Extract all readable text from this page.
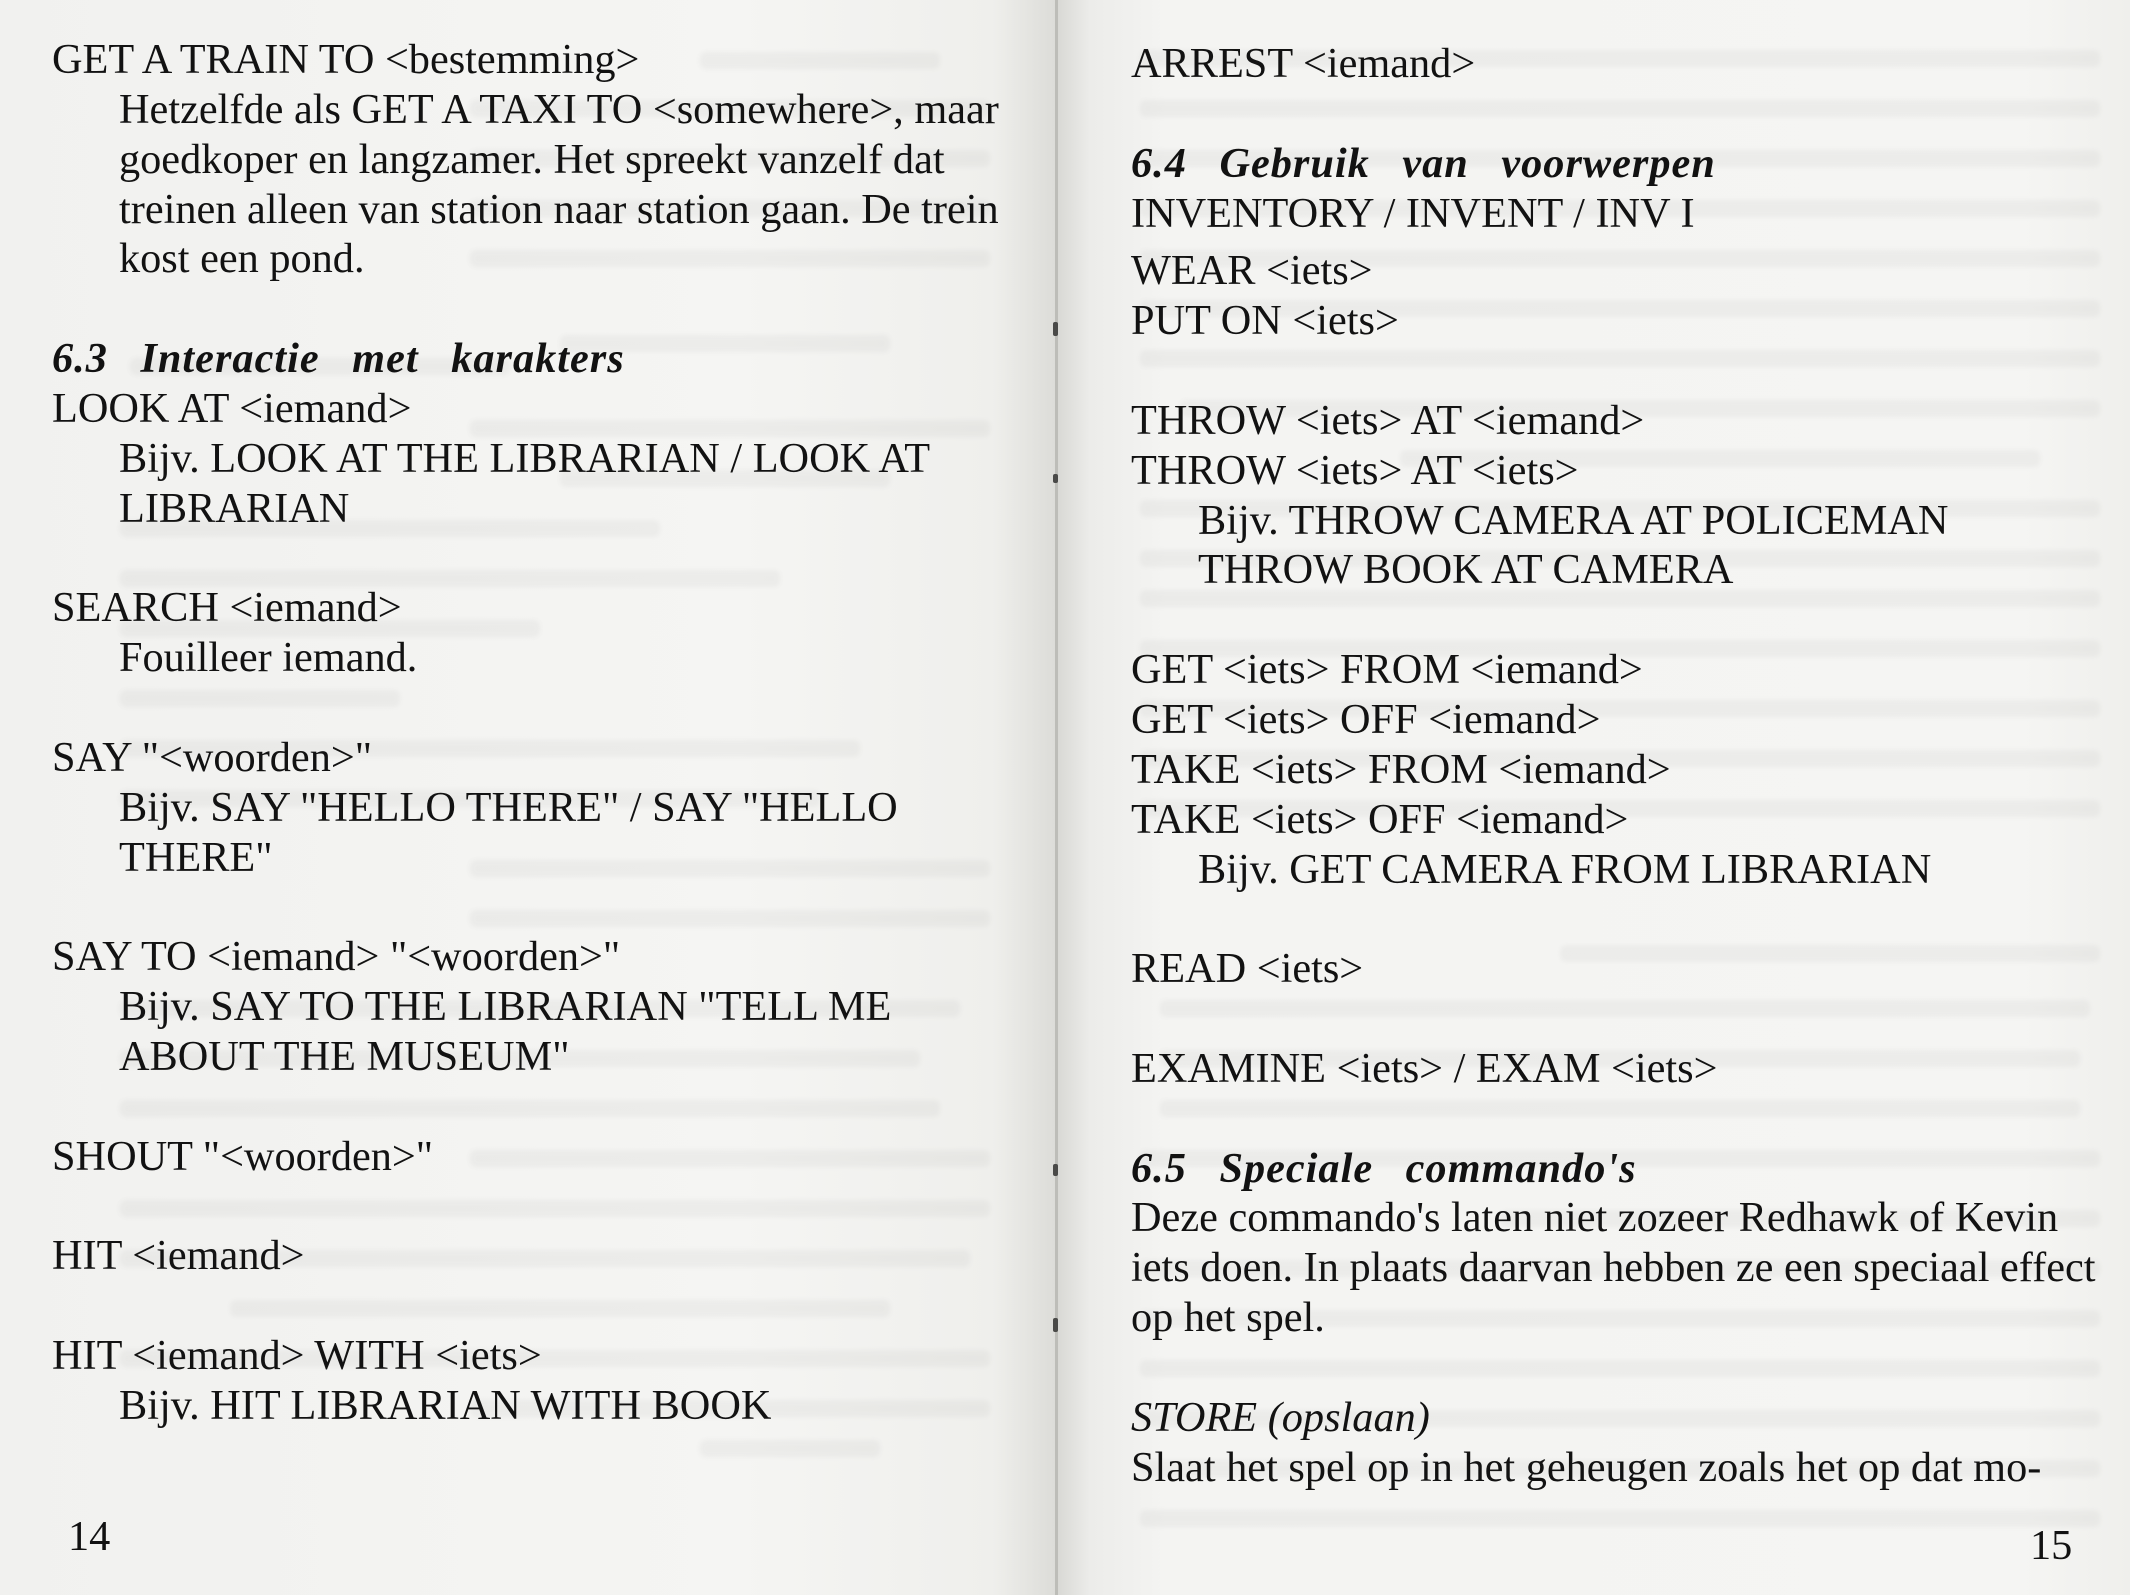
GET A TRAIN TO <bestemming>
Hetzelfde als GET A TAXI TO <somewhere>, maar
goedkoper en langzamer. Het spreekt vanzelf dat
treinen alleen van station naar station gaan. De trein
kost een pond.
6.3 Interactie met karakters
LOOK AT <iemand>
Bijv. LOOK AT THE LIBRARIAN / LOOK AT
LIBRARIAN
SEARCH <iemand>
Fouilleer iemand.
SAY "<woorden>"
Bijv. SAY "HELLO THERE" / SAY "HELLO
THERE"
SAY TO <iemand> "<woorden>"
Bijv. SAY TO THE LIBRARIAN "TELL ME
ABOUT THE MUSEUM"
SHOUT "<woorden>"
HIT <iemand>
HIT <iemand> WITH <iets>
Bijv. HIT LIBRARIAN WITH BOOK
14
ARREST <iemand>
6.4 Gebruik van voorwerpen
INVENTORY / INVENT / INV I
WEAR <iets>
PUT ON <iets>
THROW <iets> AT <iemand>
THROW <iets> AT <iets>
Bijv. THROW CAMERA AT POLICEMAN
THROW BOOK AT CAMERA
GET <iets> FROM <iemand>
GET <iets> OFF <iemand>
TAKE <iets> FROM <iemand>
TAKE <iets> OFF <iemand>
Bijv. GET CAMERA FROM LIBRARIAN
READ <iets>
EXAMINE <iets> / EXAM <iets>
6.5 Speciale commando's
Deze commando's laten niet zozeer Redhawk of Kevin
iets doen. In plaats daarvan hebben ze een speciaal effect
op het spel.
STORE (opslaan)
Slaat het spel op in het geheugen zoals het op dat mo-
15
